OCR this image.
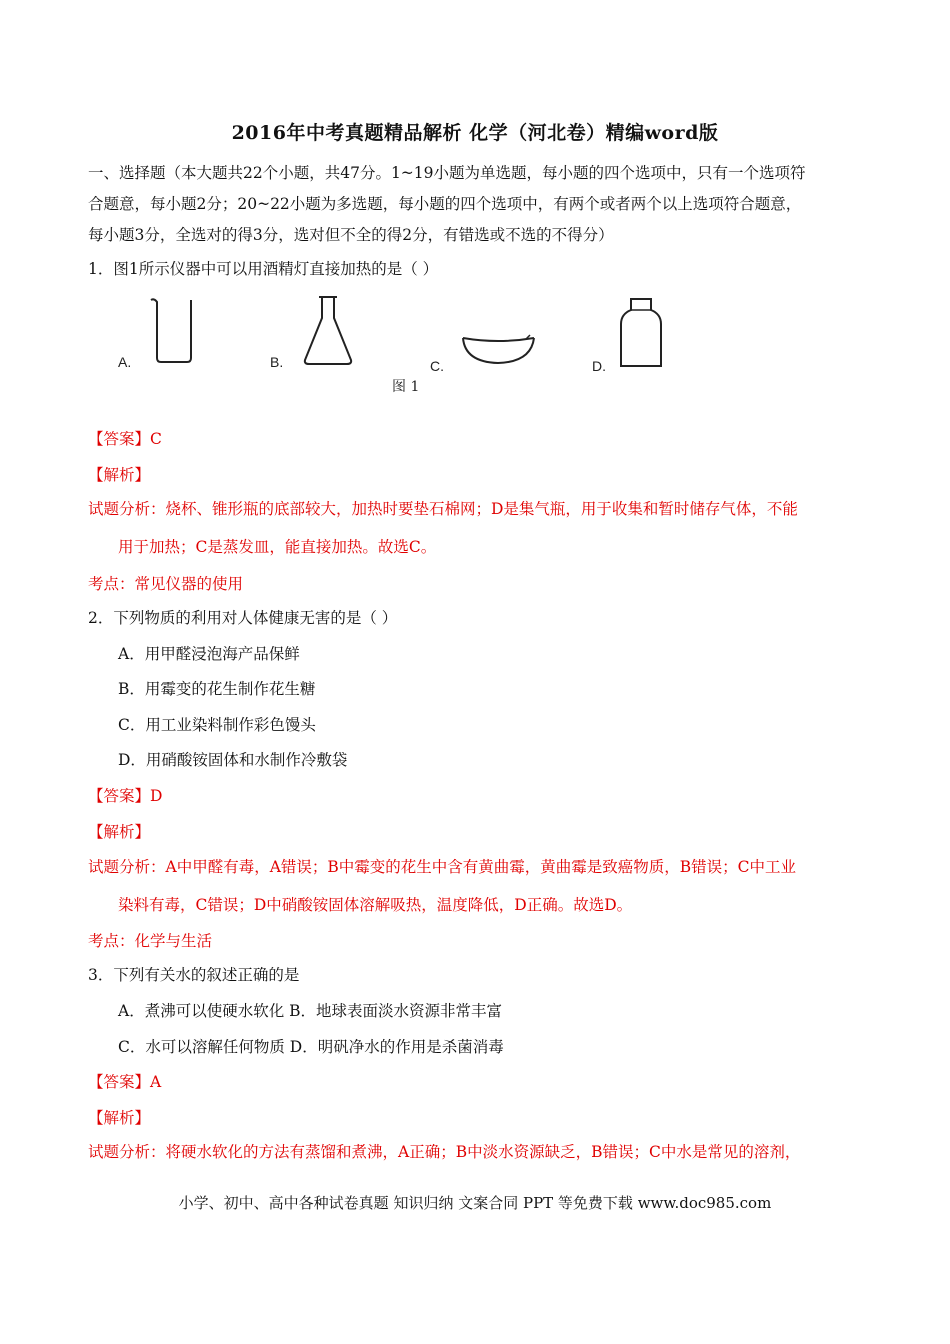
2016年中考真题精品解析 化学（河北卷）精编word版
一、选择题（本大题共22个小题，共47分。1~19小题为单选题，每小题的四个选项中，只有一个选项符
合题意，每小题2分；20~22小题为多选题，每小题的四个选项中，有两个或者两个以上选项符合题意，
每小题3分，全选对的得3分，选对但不全的得2分，有错选或不选的不得分）
1．图1所示仪器中可以用酒精灯直接加热的是（ ）
A.	B.	C.	D.
图 1
【答案】C
【解析】
试题分析：烧杯、锥形瓶的底部较大，加热时要垫石棉网；D是集气瓶，用于收集和暂时储存气体，不能
用于加热；C是蒸发皿，能直接加热。故选C。
考点：常见仪器的使用
2．下列物质的利用对人体健康无害的是（ ）
A．用甲醛浸泡海产品保鲜
B．用霉变的花生制作花生糖
C．用工业染料制作彩色馒头
D．用硝酸铵固体和水制作冷敷袋
【答案】D
【解析】
试题分析：A中甲醛有毒，A错误；B中霉变的花生中含有黄曲霉，黄曲霉是致癌物质，B错误；C中工业
染料有毒，C错误；D中硝酸铵固体溶解吸热，温度降低，D正确。故选D。
考点：化学与生活
3．下列有关水的叙述正确的是
A．煮沸可以使硬水软化 B．地球表面淡水资源非常丰富
C．水可以溶解任何物质 D．明矾净水的作用是杀菌消毒
【答案】A
【解析】
试题分析：将硬水软化的方法有蒸馏和煮沸，A正确；B中淡水资源缺乏，B错误；C中水是常见的溶剂，
小学、初中、高中各种试卷真题 知识归纳 文案合同 PPT 等免费下载 www.doc985.com
